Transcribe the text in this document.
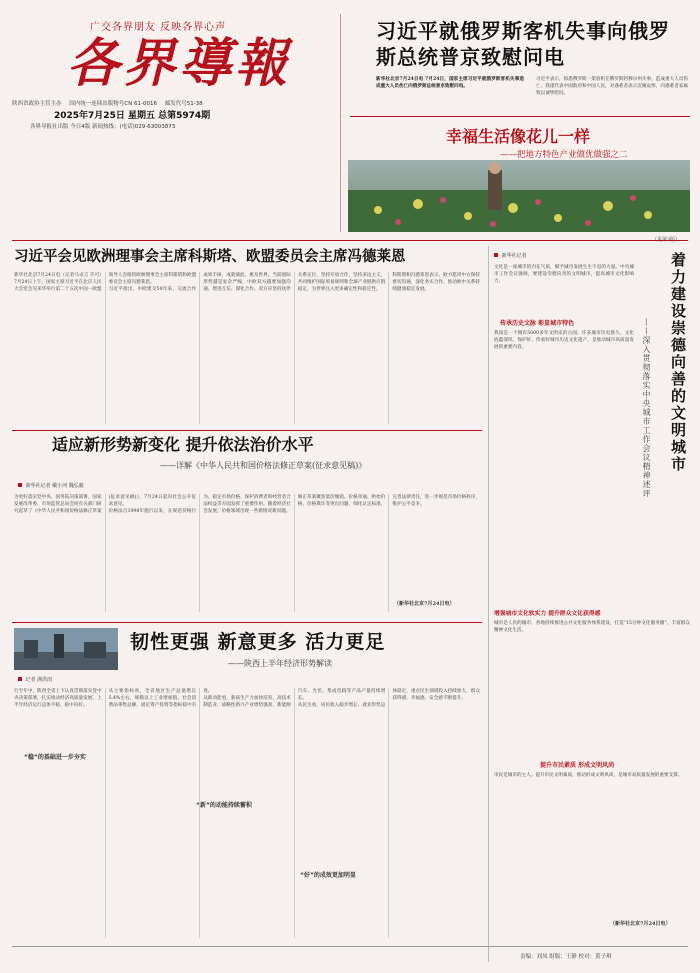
广交各界朋友 反映各界心声
各界導報
陕西省政协主管主办 国内统一连续出版物号CN 61-0016 邮发代号51-38
2025年7月25日 星期五 总第5974期
各界导报社出版 今日4版 新闻热线：(电话)029-63003873
习近平就俄罗斯客机失事向俄罗斯总统普京致慰问电
新华社北京7月24日电 7月24日，国家主席习近平就俄罗斯客机失事造成重大人员伤亡向俄罗斯总统普京致慰问电。
习近平表示，惊悉俄罗斯一架客机在俄罗斯阿穆尔州失事，造成重大人员伤亡。我谨代表中国政府和中国人民，对遇难者表示沉痛哀悼，向遇难者家属致以诚挚慰问。
幸福生活像花儿一样
——把地方特色产业做优做强之二
习近平会见欧洲理事会主席科斯塔、欧盟委员会主席冯德莱恩
新华社北京7月24日电（记者马卓言 许可）7月24日上午，国家主席习近平在北京人民大会堂会见来华举行第二十五次中国－欧盟领导人会晤的欧洲理事会主席科斯塔和欧盟委员会主席冯德莱恩。
习近平指出，中欧建交50年来，交流合作成果丰硕，成就彼此、惠及世界。当前国际形势越是复杂严峻，中欧双方越要加强沟通、增进互信、深化合作。双方应坚持伙伴关系定位，坚持开放合作，坚持多边主义，共同维护国际贸易规则和全球产业链供应链稳定，为世界注入更多确定性和稳定性。
科斯塔和冯德莱恩表示，欧方愿同中方保持密切沟通，深化务实合作，推动欧中关系持续健康稳定发展。
新华社记者
文化是一座城市的内在气质，赋予城市发展生生不息的力量。中央城市工作会议强调，要建设崇德向善的文明城市，提高城市文化影响力。
传承历史文脉 彰显城市特色
我国是一个拥有5000多年文明史的古国，许多城市历史悠久、文化底蕴深厚。保护好、传承好城市历史文化遗产，是推动城市高质量发展的重要内容。	着力建设崇德向善的文明城市
——深入贯彻落实中央城市工作会议精神述评
增强城市文化软实力 提升群众文化获得感
城市是人民的城市。各地持续推进公共文化服务体系建设，打造“15分钟文化服务圈”，丰富群众精神文化生活。
提升市民素质 形成文明风尚
市民是城市的主人。提升市民文明素质，推动形成文明风尚，是城市高质量发展的重要支撑。
（新华社北京7月24日电）
适应新形势新变化 提升依法治价水平
——详解《中华人民共和国价格法修正草案(征求意见稿)》
新华社记者 戴小河 魏弘毅
为更好落实党中央、国务院决策部署，国家发展改革委、市场监管总局会同有关部门研究起草了《中华人民共和国价格法修正草案(征求意见稿)》，7月24日起向社会公开征求意见。
价格法自1998年施行以来，在规范价格行为、稳定市场价格、保护消费者和经营者合法权益等方面发挥了重要作用。随着经济社会发展，价格领域出现一些新情况新问题。
修正草案聚焦低价倾销、价格串通、哄抬价格、价格欺诈等突出问题，细化认定标准，完善法律责任，进一步规范市场价格秩序，维护公平竞争。
（新华社北京7月24日电）
韧性更强 新意更多 活力更足
——陕西上半年经济形势解读
记者 满洪雨
“稳”的基础进一步夯实
“新”的动能持续蓄积
“好”的成效更加明显
行至年中，陕西全省上下认真贯彻落实党中央决策部署，扎实推动经济高质量发展，上半年经济运行总体平稳、稳中向好。
从主要指标看，全省地区生产总值增长5.4%左右，规模以上工业增加值、社会消费品零售总额、固定资产投资等指标稳中有进。
从新动能看，新质生产力加快培育，高技术制造业、战略性新兴产业增势强劲，新能源汽车、光伏、集成电路等产品产量持续增长。
从民生看，居民收入稳步增长，就业形势总体稳定，重点民生领域投入持续加大，群众获得感、幸福感、安全感不断提升。
责编：刘凤 组版：王静 校对：黄子琪
